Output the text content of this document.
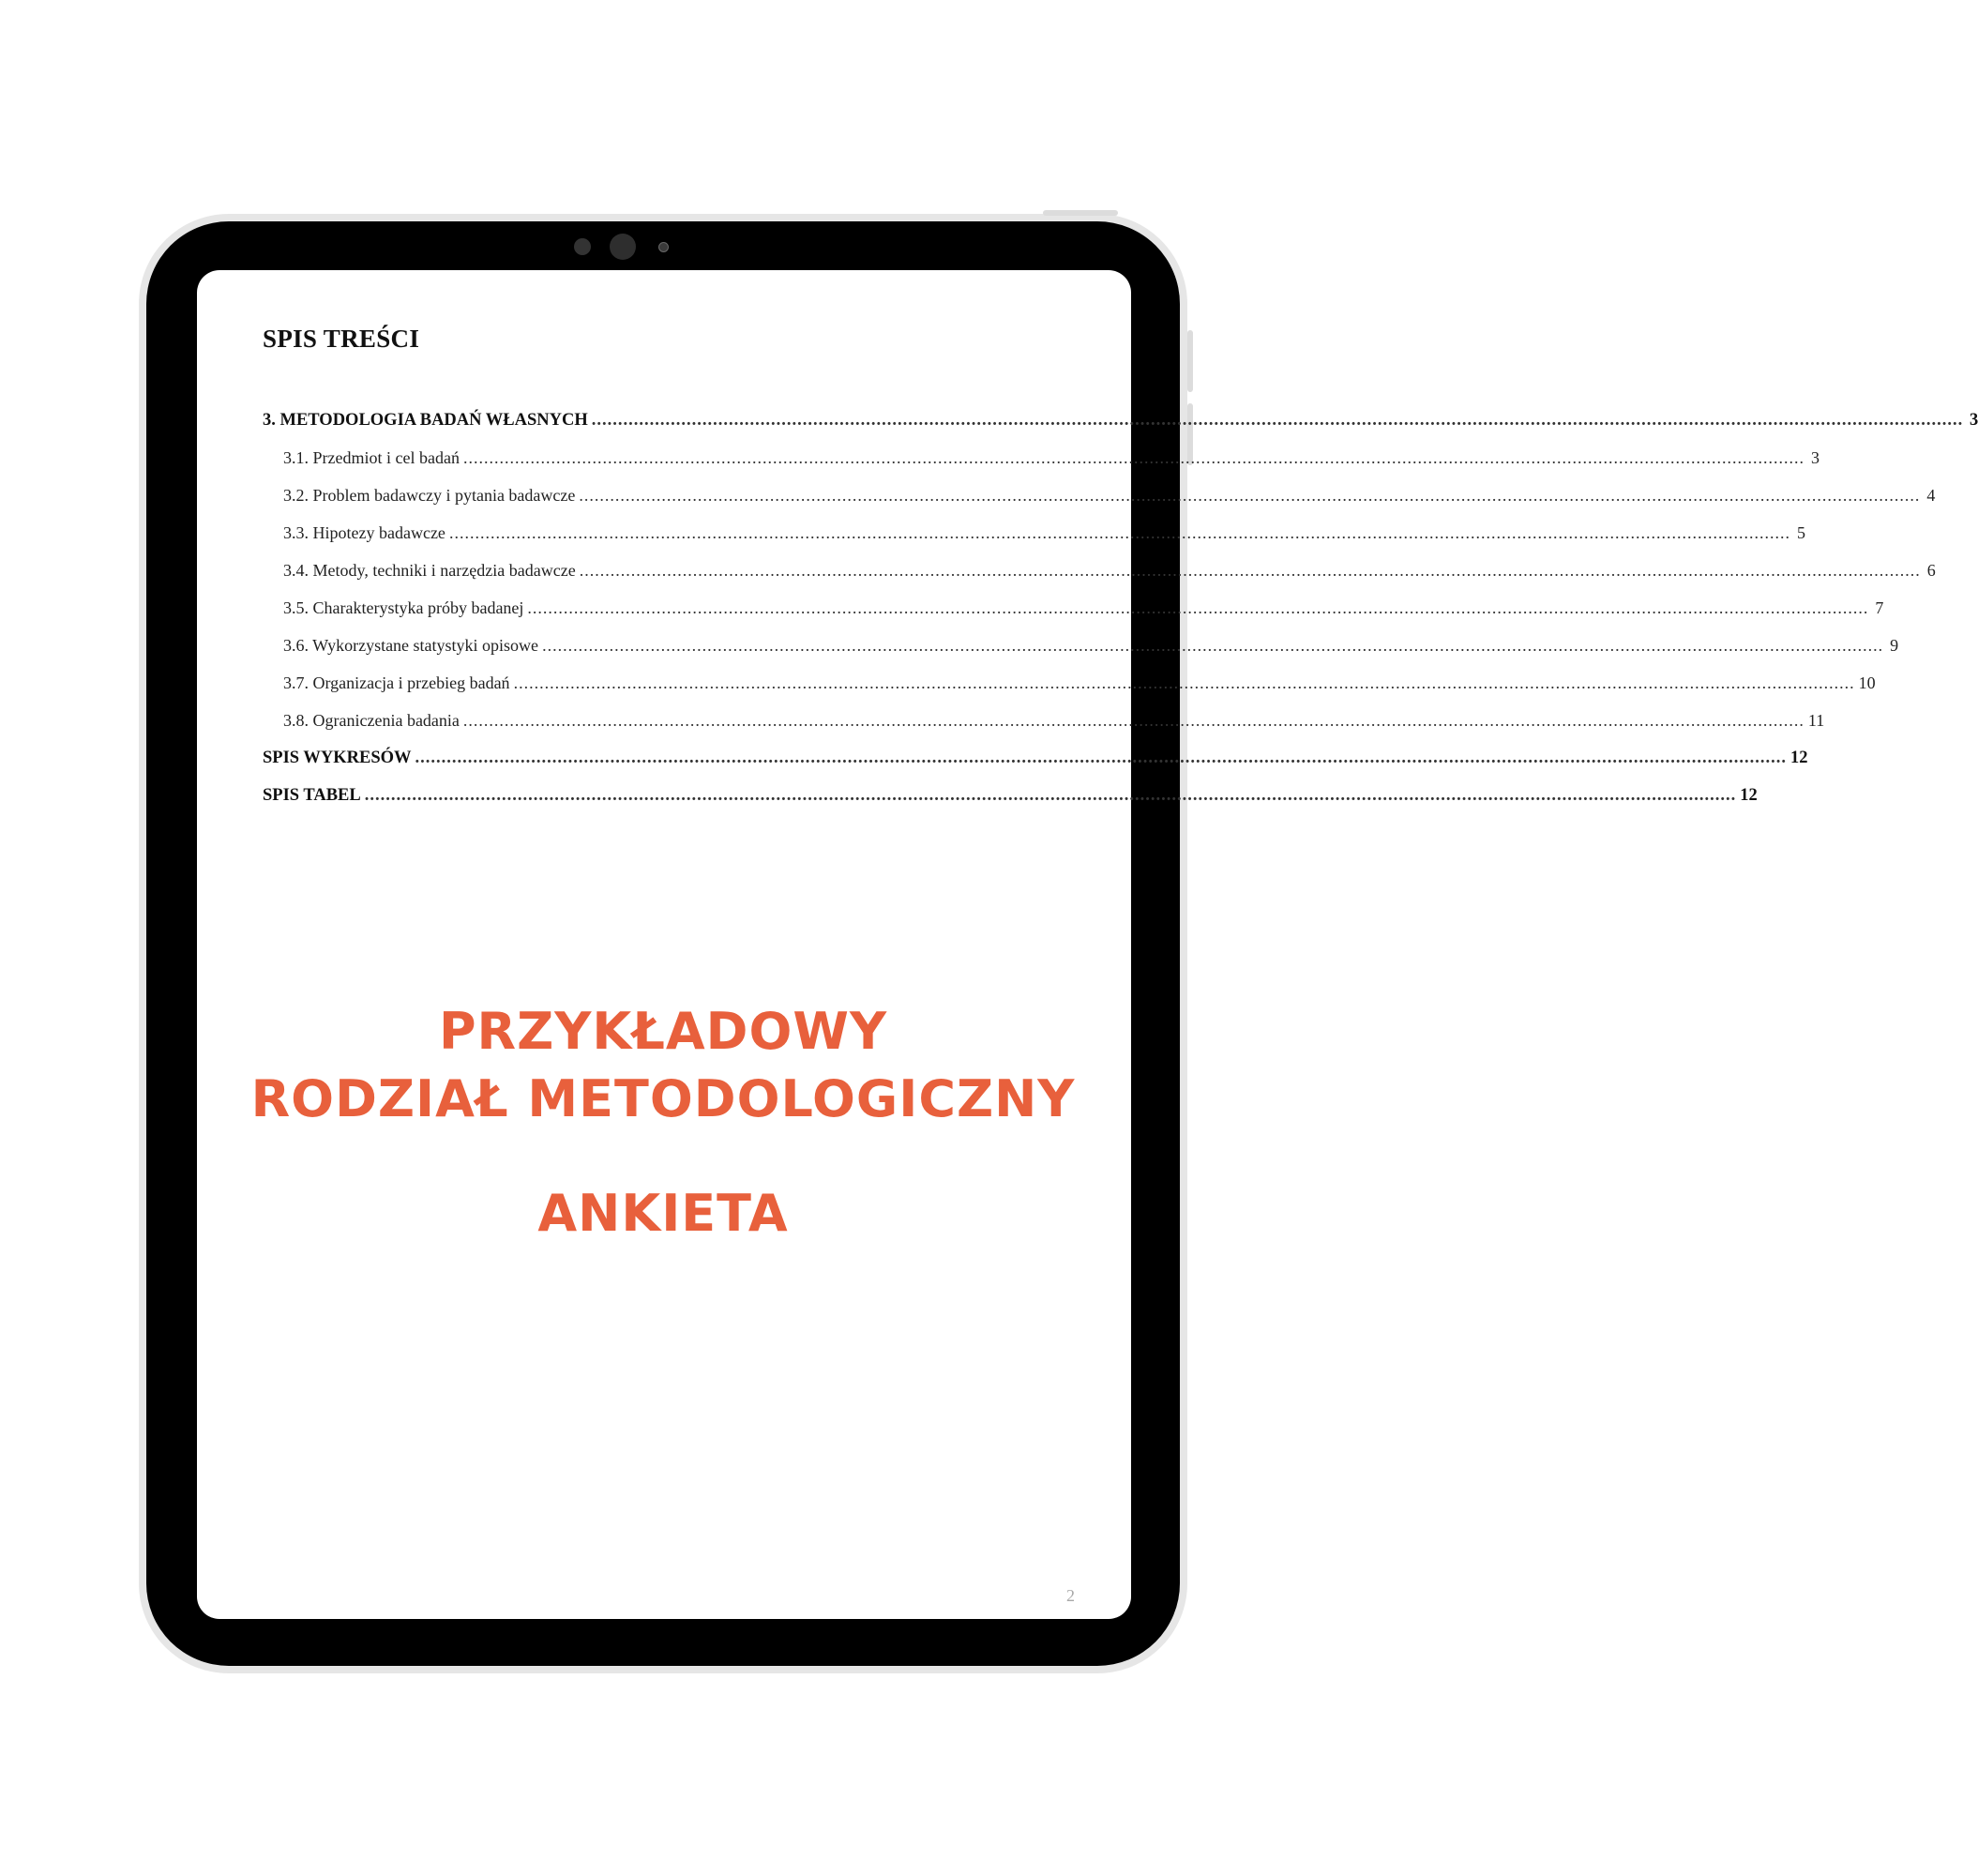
SPIS TREŚCI
3. METODOLOGIA BADAŃ WŁASNYCH .................................................................................................................................................................................................................................................................... 3
3.1. Przedmiot i cel badań .................................................................................................................................................................................................................................................................... 3
3.2. Problem badawczy i pytania badawcze .................................................................................................................................................................................................................................................................... 4
3.3. Hipotezy badawcze .................................................................................................................................................................................................................................................................... 5
3.4. Metody, techniki i narzędzia badawcze .................................................................................................................................................................................................................................................................... 6
3.5. Charakterystyka próby badanej .................................................................................................................................................................................................................................................................... 7
3.6. Wykorzystane statystyki opisowe .................................................................................................................................................................................................................................................................... 9
3.7. Organizacja i przebieg badań .................................................................................................................................................................................................................................................................... 10
3.8. Ograniczenia badania .................................................................................................................................................................................................................................................................... 11
SPIS WYKRESÓW .................................................................................................................................................................................................................................................................... 12
SPIS TABEL .................................................................................................................................................................................................................................................................... 12
2
PRZYKŁADOWY
RODZIAŁ METODOLOGICZNY
ANKIETA
